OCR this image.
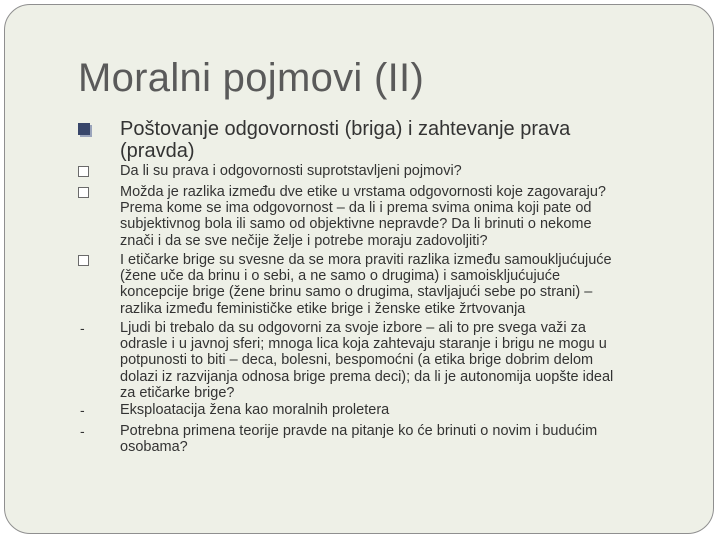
Moralni pojmovi (II)
Poštovanje odgovornosti (briga) i zahtevanje prava (pravda)
Da li su prava i odgovornosti suprotstavljeni pojmovi?
Možda je razlika između dve etike u vrstama odgovornosti koje zagovaraju?
Prema kome se ima odgovornost – da li i prema svima onima koji pate od
subjektivnog bola ili samo od objektivne nepravde? Da li brinuti o nekome
znači i da se sve nečije želje i potrebe moraju zadovoljiti?
I etičarke brige su svesne da se mora praviti razlika između samoukljućujuće
(žene uče da brinu i o sebi, a ne samo o drugima) i samoiskljućujuće
koncepcije brige (žene brinu samo o drugima, stavljajući sebe po strani) –
razlika između feminističke etike brige i ženske etike žrtvovanja
- Ljudi bi trebalo da su odgovorni za svoje izbore – ali to pre svega važi za
odrasle i u javnoj sferi; mnoga lica koja zahtevaju staranje i brigu ne mogu u
potpunosti to biti – deca, bolesni, bespomoćni (a etika brige dobrim delom
dolazi iz razvijanja odnosa brige prema deci); da li je autonomija uopšte ideal
za etičarke brige?
- Eksploatacija žena kao moralnih proletera
- Potrebna primena teorije pravde na pitanje ko će brinuti o novim i budućim
osobama?
